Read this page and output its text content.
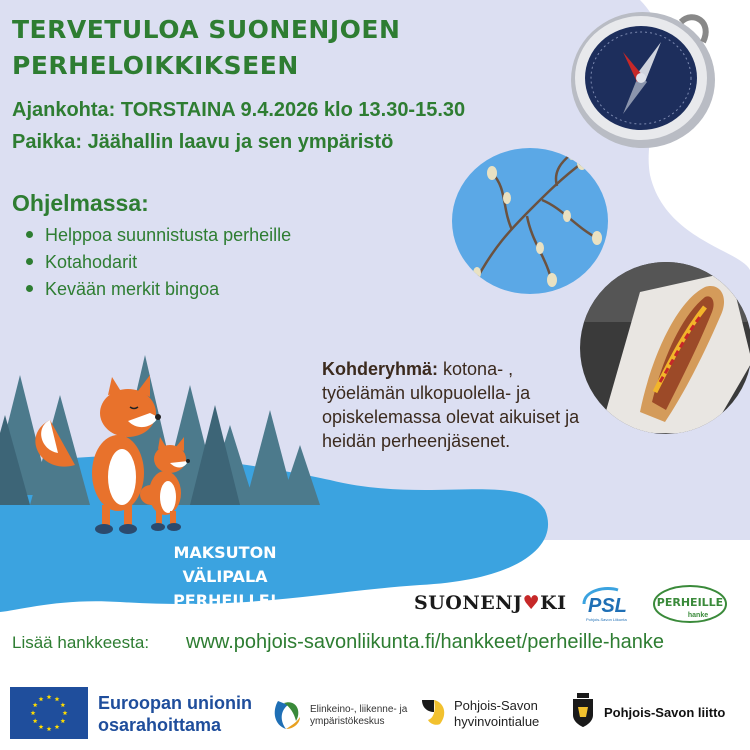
TERVETULOA SUONENJOEN
PERHELOIKKIKSEEN
Ajankohta: TORSTAINA 9.4.2026 klo 13.30-15.30
Paikka: Jäähallin laavu ja sen ympäristö
Ohjelmassa:
Helppoa suunnistusta perheille
Kotahodarit
Kevään merkit bingoa
Kohderyhmä: kotona- , työelämän ulkopuolella- ja opiskelemassa olevat aikuiset ja heidän perheenjäsenet.
MAKSUTON VÄLIPALA
PERHEILLE!	SUONENJ♥KI PSL
Pohjois-Savon Liikunta
PERHEILLE
hanke
Lisää hankkeesta: www.pohjois-savonliikunta.fi/hankkeet/perheille-hanke
Euroopan unionin
osarahoittama
Elinkeino-, liikenne- ja
ympäristökeskus
Pohjois-Savon
hyvinvointialue
Pohjois-Savon liitto
